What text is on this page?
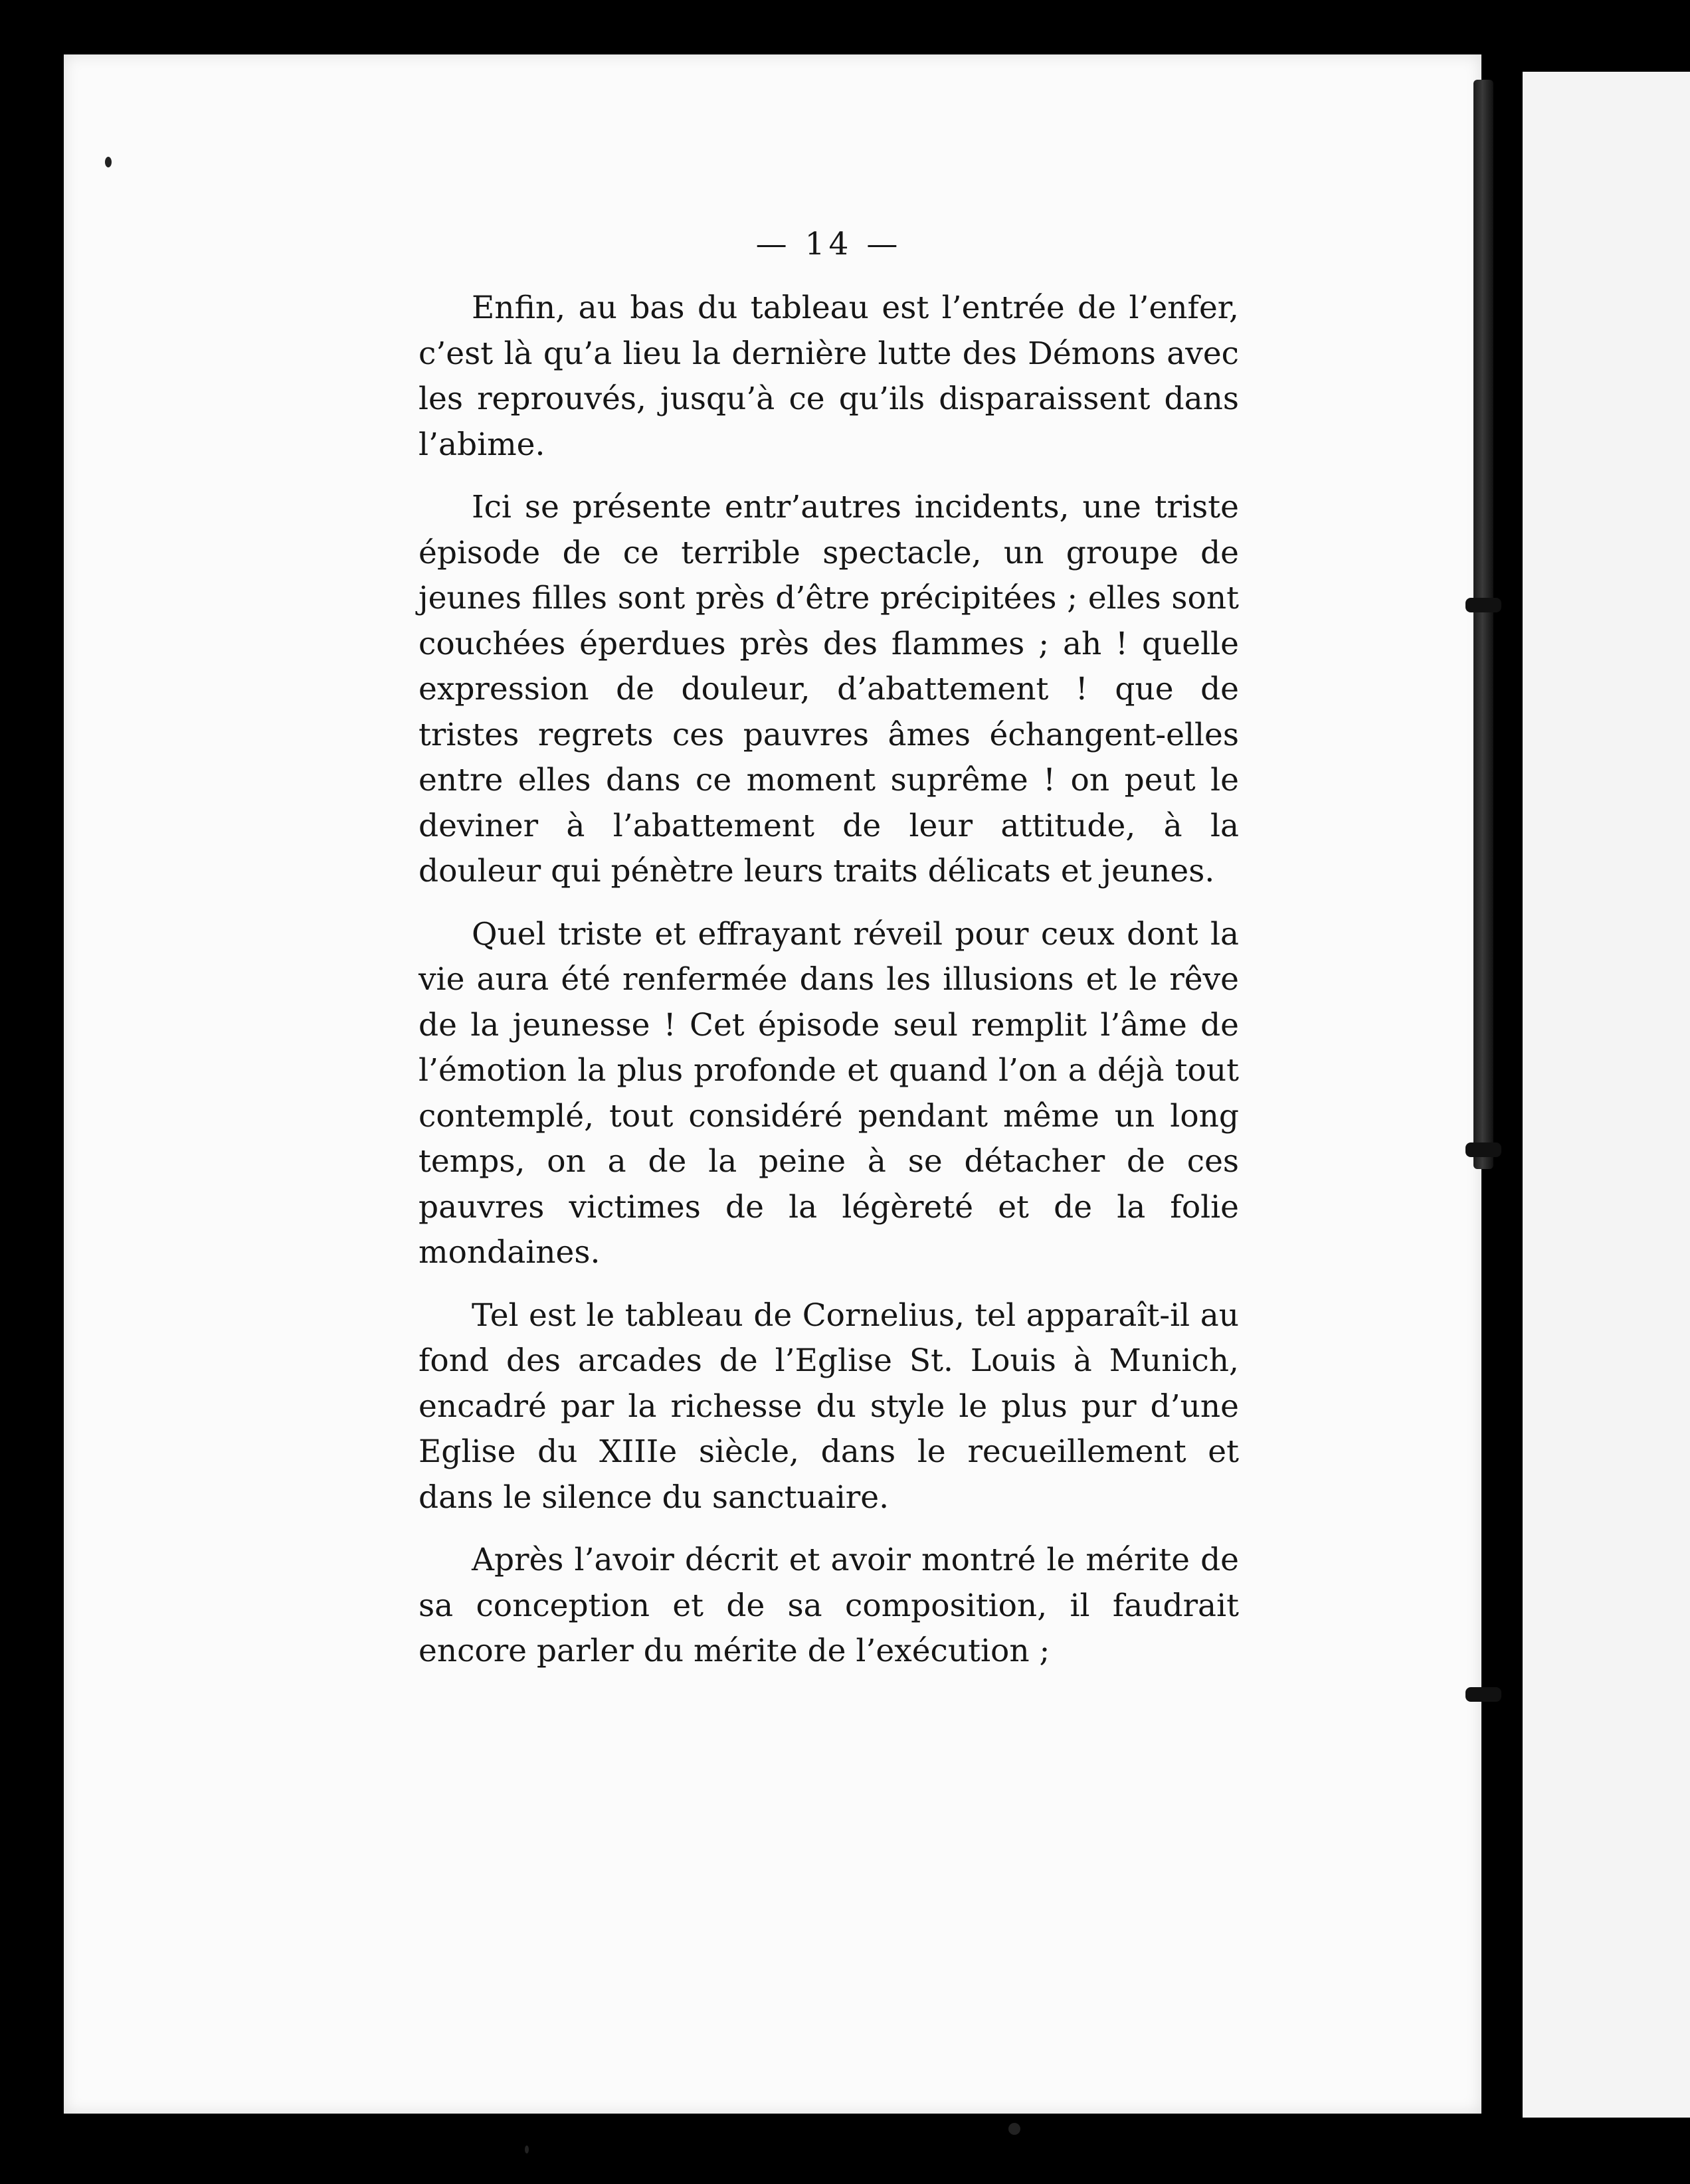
— 14 —

Enfin, au bas du tableau est l’entrée de l’enfer, c’est là qu’a lieu la dernière lutte des Démons avec les reprouvés, jusqu’à ce qu’ils disparaissent dans l’abime.

Ici se présente entr’autres incidents, une triste épisode de ce terrible spectacle, un groupe de jeunes filles sont près d’être précipitées ; elles sont couchées éperdues près des flammes ; ah ! quelle expression de douleur, d’abattement ! que de tristes regrets ces pauvres âmes échangent-elles entre elles dans ce moment suprême ! on peut le deviner à l’abattement de leur attitude, à la douleur qui pénètre leurs traits délicats et jeunes.

Quel triste et effrayant réveil pour ceux dont la vie aura été renfermée dans les illusions et le rêve de la jeunesse ! Cet épisode seul remplit l’âme de l’émotion la plus profonde et quand l’on a déjà tout contemplé, tout considéré pendant même un long temps, on a de la peine à se détacher de ces pauvres victimes de la légèreté et de la folie mondaines.

Tel est le tableau de Cornelius, tel apparaît-il au fond des arcades de l’Eglise St. Louis à Munich, encadré par la richesse du style le plus pur d’une Eglise du XIIIe siècle, dans le recueillement et dans le silence du sanctuaire.

Après l’avoir décrit et avoir montré le mérite de sa conception et de sa composition, il faudrait encore parler du mérite de l’exécution ;
